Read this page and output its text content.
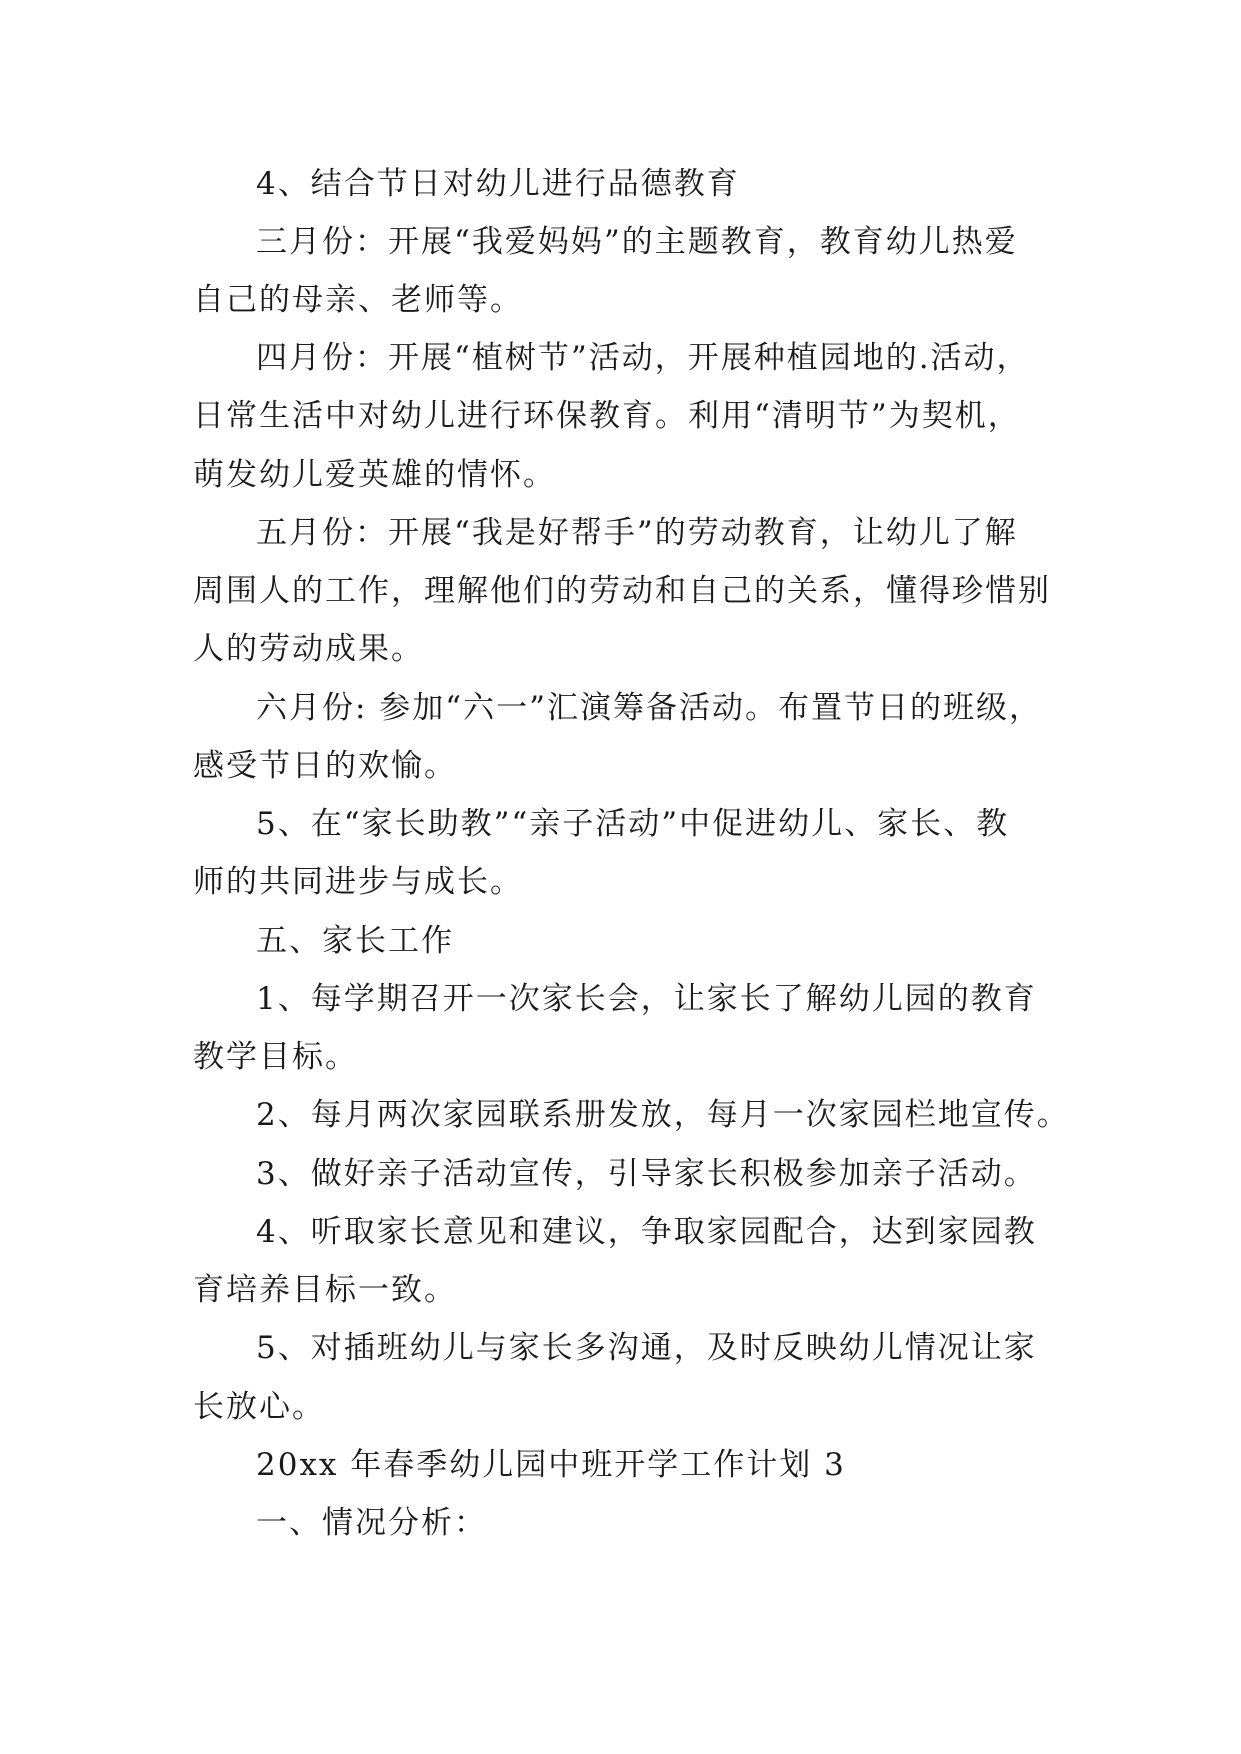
4、结合节日对幼儿进行品德教育
三月份：开展“我爱妈妈”的主题教育，教育幼儿热爱
自己的母亲、老师等。
四月份：开展“植树节”活动，开展种植园地的.活动，
日常生活中对幼儿进行环保教育。利用“清明节”为契机，
萌发幼儿爱英雄的情怀。
五月份：开展“我是好帮手”的劳动教育，让幼儿了解
周围人的工作，理解他们的劳动和自己的关系，懂得珍惜别
人的劳动成果。
六月份: 参加“六一”汇演筹备活动。布置节日的班级，
感受节日的欢愉。
5、在“家长助教”“亲子活动”中促进幼儿、家长、教
师的共同进步与成长。
五、家长工作
1、每学期召开一次家长会，让家长了解幼儿园的教育
教学目标。
2、每月两次家园联系册发放，每月一次家园栏地宣传。
3、做好亲子活动宣传，引导家长积极参加亲子活动。
4、听取家长意见和建议，争取家园配合，达到家园教
育培养目标一致。
5、对插班幼儿与家长多沟通，及时反映幼儿情况让家
长放心。
20xx 年春季幼儿园中班开学工作计划 3
一、情况分析：
